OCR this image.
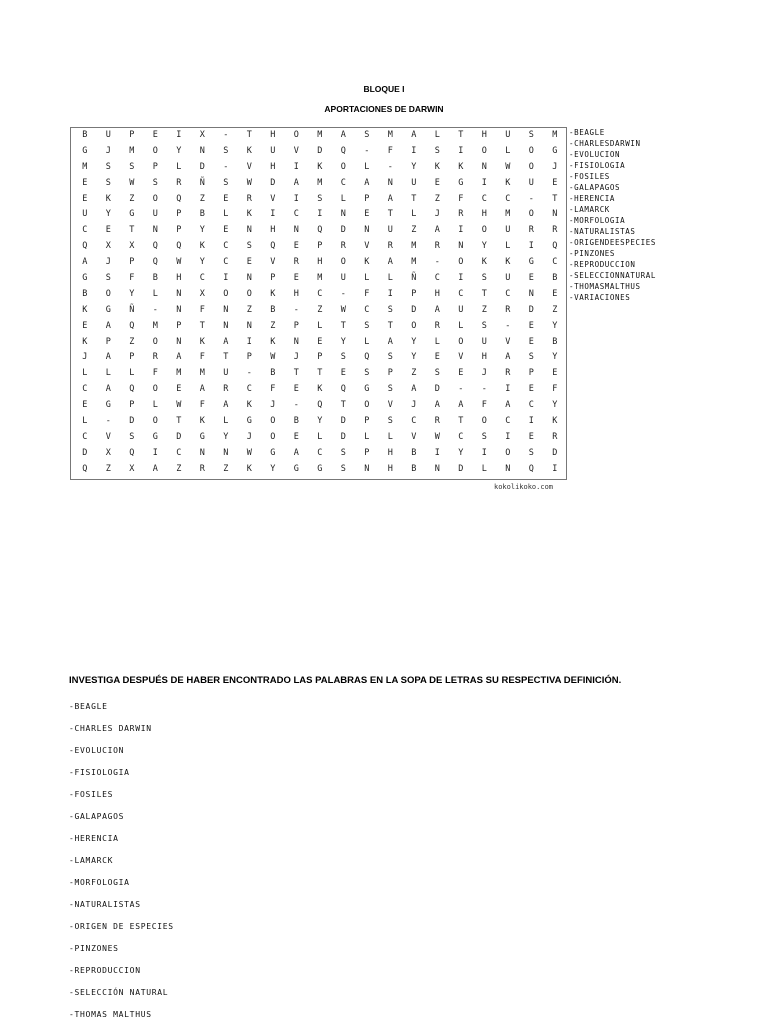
BLOQUE I
APORTACIONES DE DARWIN
B	U	P	E	I	X	-	T	H	O	M	A	S	M	A	L	T	H	U	S	M
G	J	M	O	Y	N	S	K	U	V	D	Q	-	F	I	S	I	O	L	O	G
M	S	S	P	L	D	-	V	H	I	K	O	L	-	Y	K	K	N	W	O	J
E	S	W	S	R	Ñ	S	W	D	A	M	C	A	N	U	E	G	I	K	U	E
E	K	Z	O	Q	Z	E	R	V	I	S	L	P	A	T	Z	F	C	C	-	T
U	Y	G	U	P	B	L	K	I	C	I	N	E	T	L	J	R	H	M	O	N
C	E	T	N	P	Y	E	N	H	N	Q	D	N	U	Z	A	I	O	U	R	R
Q	X	X	Q	Q	K	C	S	Q	E	P	R	V	R	M	R	N	Y	L	I	Q
A	J	P	Q	W	Y	C	E	V	R	H	O	K	A	M	-	O	K	K	G	C
G	S	F	B	H	C	I	N	P	E	M	U	L	L	Ñ	C	I	S	U	E	B
B	O	Y	L	N	X	O	O	K	H	C	-	F	I	P	H	C	T	C	N	E
K	G	Ñ	-	N	F	N	Z	B	-	Z	W	C	S	D	A	U	Z	R	D	Z
E	A	Q	M	P	T	N	N	Z	P	L	T	S	T	O	R	L	S	-	E	Y
K	P	Z	O	N	K	A	I	K	N	E	Y	L	A	Y	L	O	U	V	E	B
J	A	P	R	A	F	T	P	W	J	P	S	Q	S	Y	E	V	H	A	S	Y
L	L	L	F	M	M	U	-	B	T	T	E	S	P	Z	S	E	J	R	P	E
C	A	Q	O	E	A	R	C	F	E	K	Q	G	S	A	D	-	-	I	E	F
E	G	P	L	W	F	A	K	J	-	Q	T	O	V	J	A	A	F	A	C	Y
L	-	D	O	T	K	L	G	O	B	Y	D	P	S	C	R	T	O	C	I	K
C	V	S	G	D	G	Y	J	O	E	L	D	L	L	V	W	C	S	I	E	R
D	X	Q	I	C	N	N	W	G	A	C	S	P	H	B	I	Y	I	O	S	D
Q	Z	X	A	Z	R	Z	K	Y	G	G	S	N	H	B	N	D	L	N	Q	I
kokolikoko.com
-BEAGLE
-CHARLESDARWIN
-EVOLUCION
-FISIOLOGIA
-FOSILES
-GALAPAGOS
-HERENCIA
-LAMARCK
-MORFOLOGIA
-NATURALISTAS
-ORIGENDEESPECIES
-PINZONES
-REPRODUCCION
-SELECCIONNATURAL
-THOMASMALTHUS
-VARIACIONES
INVESTIGA DESPUÉS DE HABER ENCONTRADO LAS PALABRAS EN LA SOPA DE LETRAS SU RESPECTIVA DEFINICIÓN.
-BEAGLE
-CHARLES DARWIN
-EVOLUCION
-FISIOLOGIA
-FOSILES
-GALAPAGOS
-HERENCIA
-LAMARCK
-MORFOLOGIA
-NATURALISTAS
-ORIGEN DE ESPECIES
-PINZONES
-REPRODUCCION
-SELECCIÓN NATURAL
-THOMAS MALTHUS
